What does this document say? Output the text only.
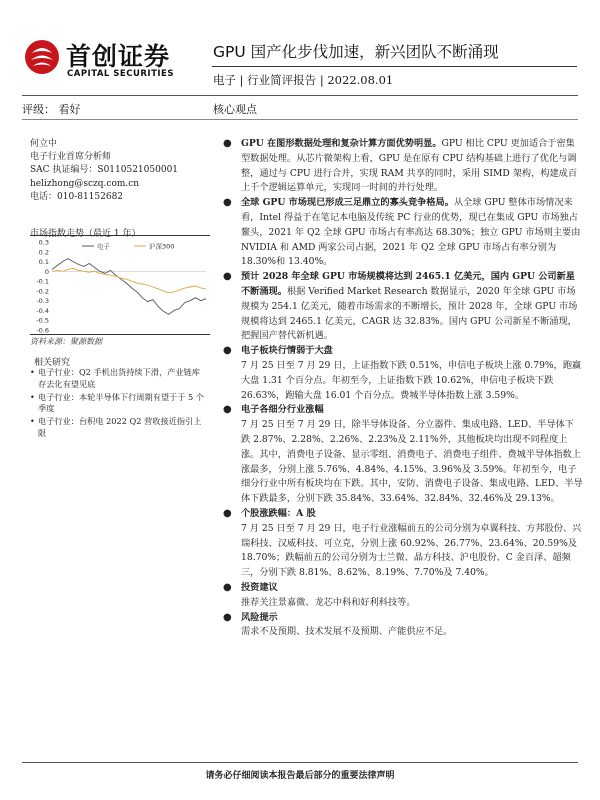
首创证券
CAPITAL SECURITIES
GPU 国产化步伐加速，新兴团队不断涌现
电子 | 行业简评报告 | 2022.08.01
评级： 看好	核心观点
何立中
电子行业首席分析师
SAC 执证编号：S0110521050001
helizhong@sczq.com.cn
电话：010-81152682
市场指数走势（最近 1 年）
0.3
0.2
0.1
0
-0.1
-0.2
-0.3
-0.4
-0.5
-0.6
电子	沪深300
资料来源：聚源数据
相关研究
• 电子行业：Q2 手机出货持续下滑，产业链库存去化有望见底
• 电子行业：本轮半导体下行周期有望于于 5 个季度
• 电子行业：台积电 2022 Q2 营收接近指引上限
● GPU 在图形数据处理和复杂计算方面优势明显。GPU 相比 CPU 更加适合于密集型数据处理。从芯片微架构上看，GPU 是在原有 CPU 结构基础上进行了优化与调整，通过与 CPU 进行合并，实现 RAM 共享的同时，采用 SIMD 架构，构建成百上千个逻辑运算单元，实现同一时间的并行处理。
● 全球 GPU 市场现已形成三足鼎立的寡头竞争格局。从全球 GPU 整体市场情况来看，Intel 得益于在笔记本电脑及传统 PC 行业的优势，现已在集成 GPU 市场独占鳌头，2021 年 Q2 全球 GPU 市场占有率高达 68.30%；独立 GPU 市场则主要由 NVIDIA 和 AMD 两家公司占据，2021 年 Q2 全球 GPU 市场占有率分别为 18.30%和 13.40%。
● 预计 2028 年全球 GPU 市场规模将达到 2465.1 亿美元，国内 GPU 公司新星不断涌现。根据 Verified Market Research 数据显示，2020 年全球 GPU 市场规模为 254.1 亿美元，随着市场需求的不断增长，预计 2028 年，全球 GPU 市场规模将达到 2465.1 亿美元，CAGR 达 32.83%。国内 GPU 公司新星不断涌现，把握国产替代新机遇。
● 电子板块行情弱于大盘
7 月 25 日至 7 月 29 日，上证指数下跌 0.51%，申信电子板块上涨 0.79%，跑赢大盘 1.31 个百分点。年初至今，上证指数下跌 10.62%，申信电子板块下跌 26.63%，跑输大盘 16.01 个百分点。费城半导体指数上涨 3.59%。
● 电子各细分行业涨幅
7 月 25 日至 7 月 29 日，除半导体设备、分立器件、集成电路、LED、半导体下跌 2.87%、2.28%、2.26%、2.23%及 2.11%外，其他板块均出现不同程度上涨。其中，消费电子设备、显示零组、消费电子、消费电子组件、费城半导体指数上涨最多，分别上涨 5.76%、4.84%、4.15%、3.96%及 3.59%。年初至今，电子细分行业中所有板块均在下跌。其中，安防、消费电子设备、集成电路、LED、半导体下跌最多，分别下跌 35.84%、33.64%、32.84%、32.46%及 29.13%。
● 个股涨跌幅：A 股
7 月 25 日至 7 月 29 日，电子行业涨幅前五的公司分别为卓翼科技、方邦股份、兴瑞科技、汉威科技、可立克，分别上涨 60.92%、26.77%、23.64%、20.59%及 18.70%；跌幅前五的公司分别为士兰微、晶方科技、沪电股份、C 金百泽、超频三，分别下跌 8.81%、8.62%、8.19%、7.70%及 7.40%。
● 投资建议
推荐关注景嘉微、龙芯中科和好利科技等。
● 风险提示
需求不及预期、技术发展不及预期、产能供应不足。
请务必仔细阅读本报告最后部分的重要法律声明
